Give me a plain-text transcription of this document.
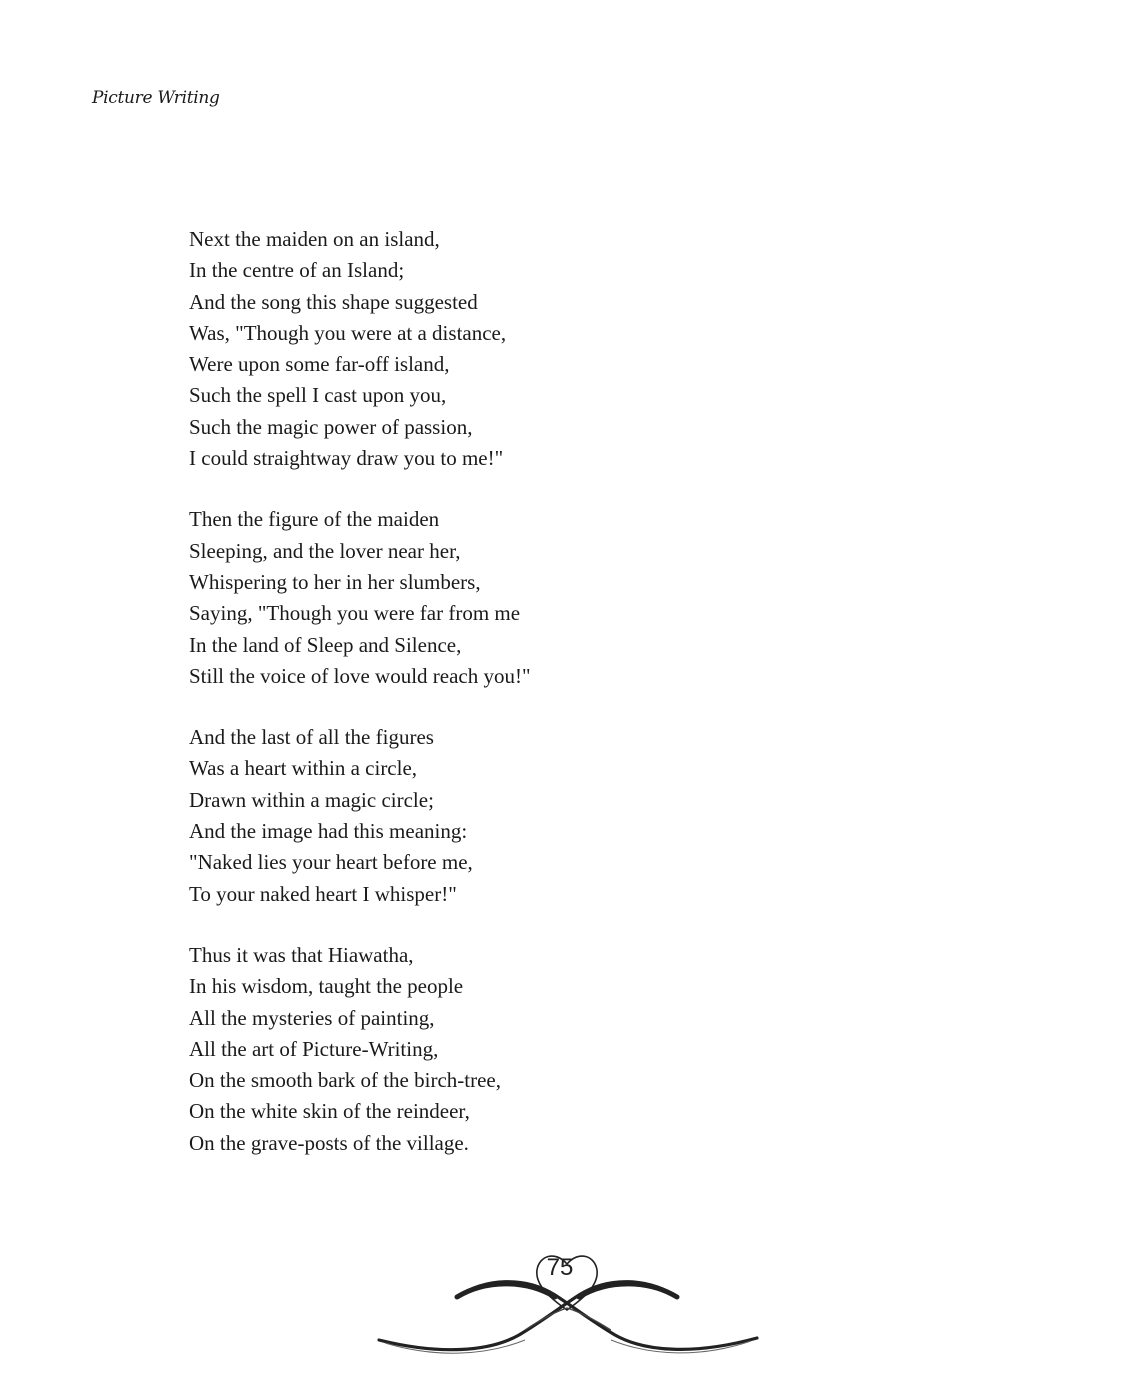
Picture Writing
Next the maiden on an island,
In the centre of an Island;
And the song this shape suggested
Was, "Though you were at a distance,
Were upon some far-off island,
Such the spell I cast upon you,
Such the magic power of passion,
I could straightway draw you to me!"
Then the figure of the maiden
Sleeping, and the lover near her,
Whispering to her in her slumbers,
Saying, "Though you were far from me
In the land of Sleep and Silence,
Still the voice of love would reach you!"
And the last of all the figures
Was a heart within a circle,
Drawn within a magic circle;
And the image had this meaning:
"Naked lies your heart before me,
To your naked heart I whisper!"
Thus it was that Hiawatha,
In his wisdom, taught the people
All the mysteries of painting,
All the art of Picture-Writing,
On the smooth bark of the birch-tree,
On the white skin of the reindeer,
On the grave-posts of the village.
75
